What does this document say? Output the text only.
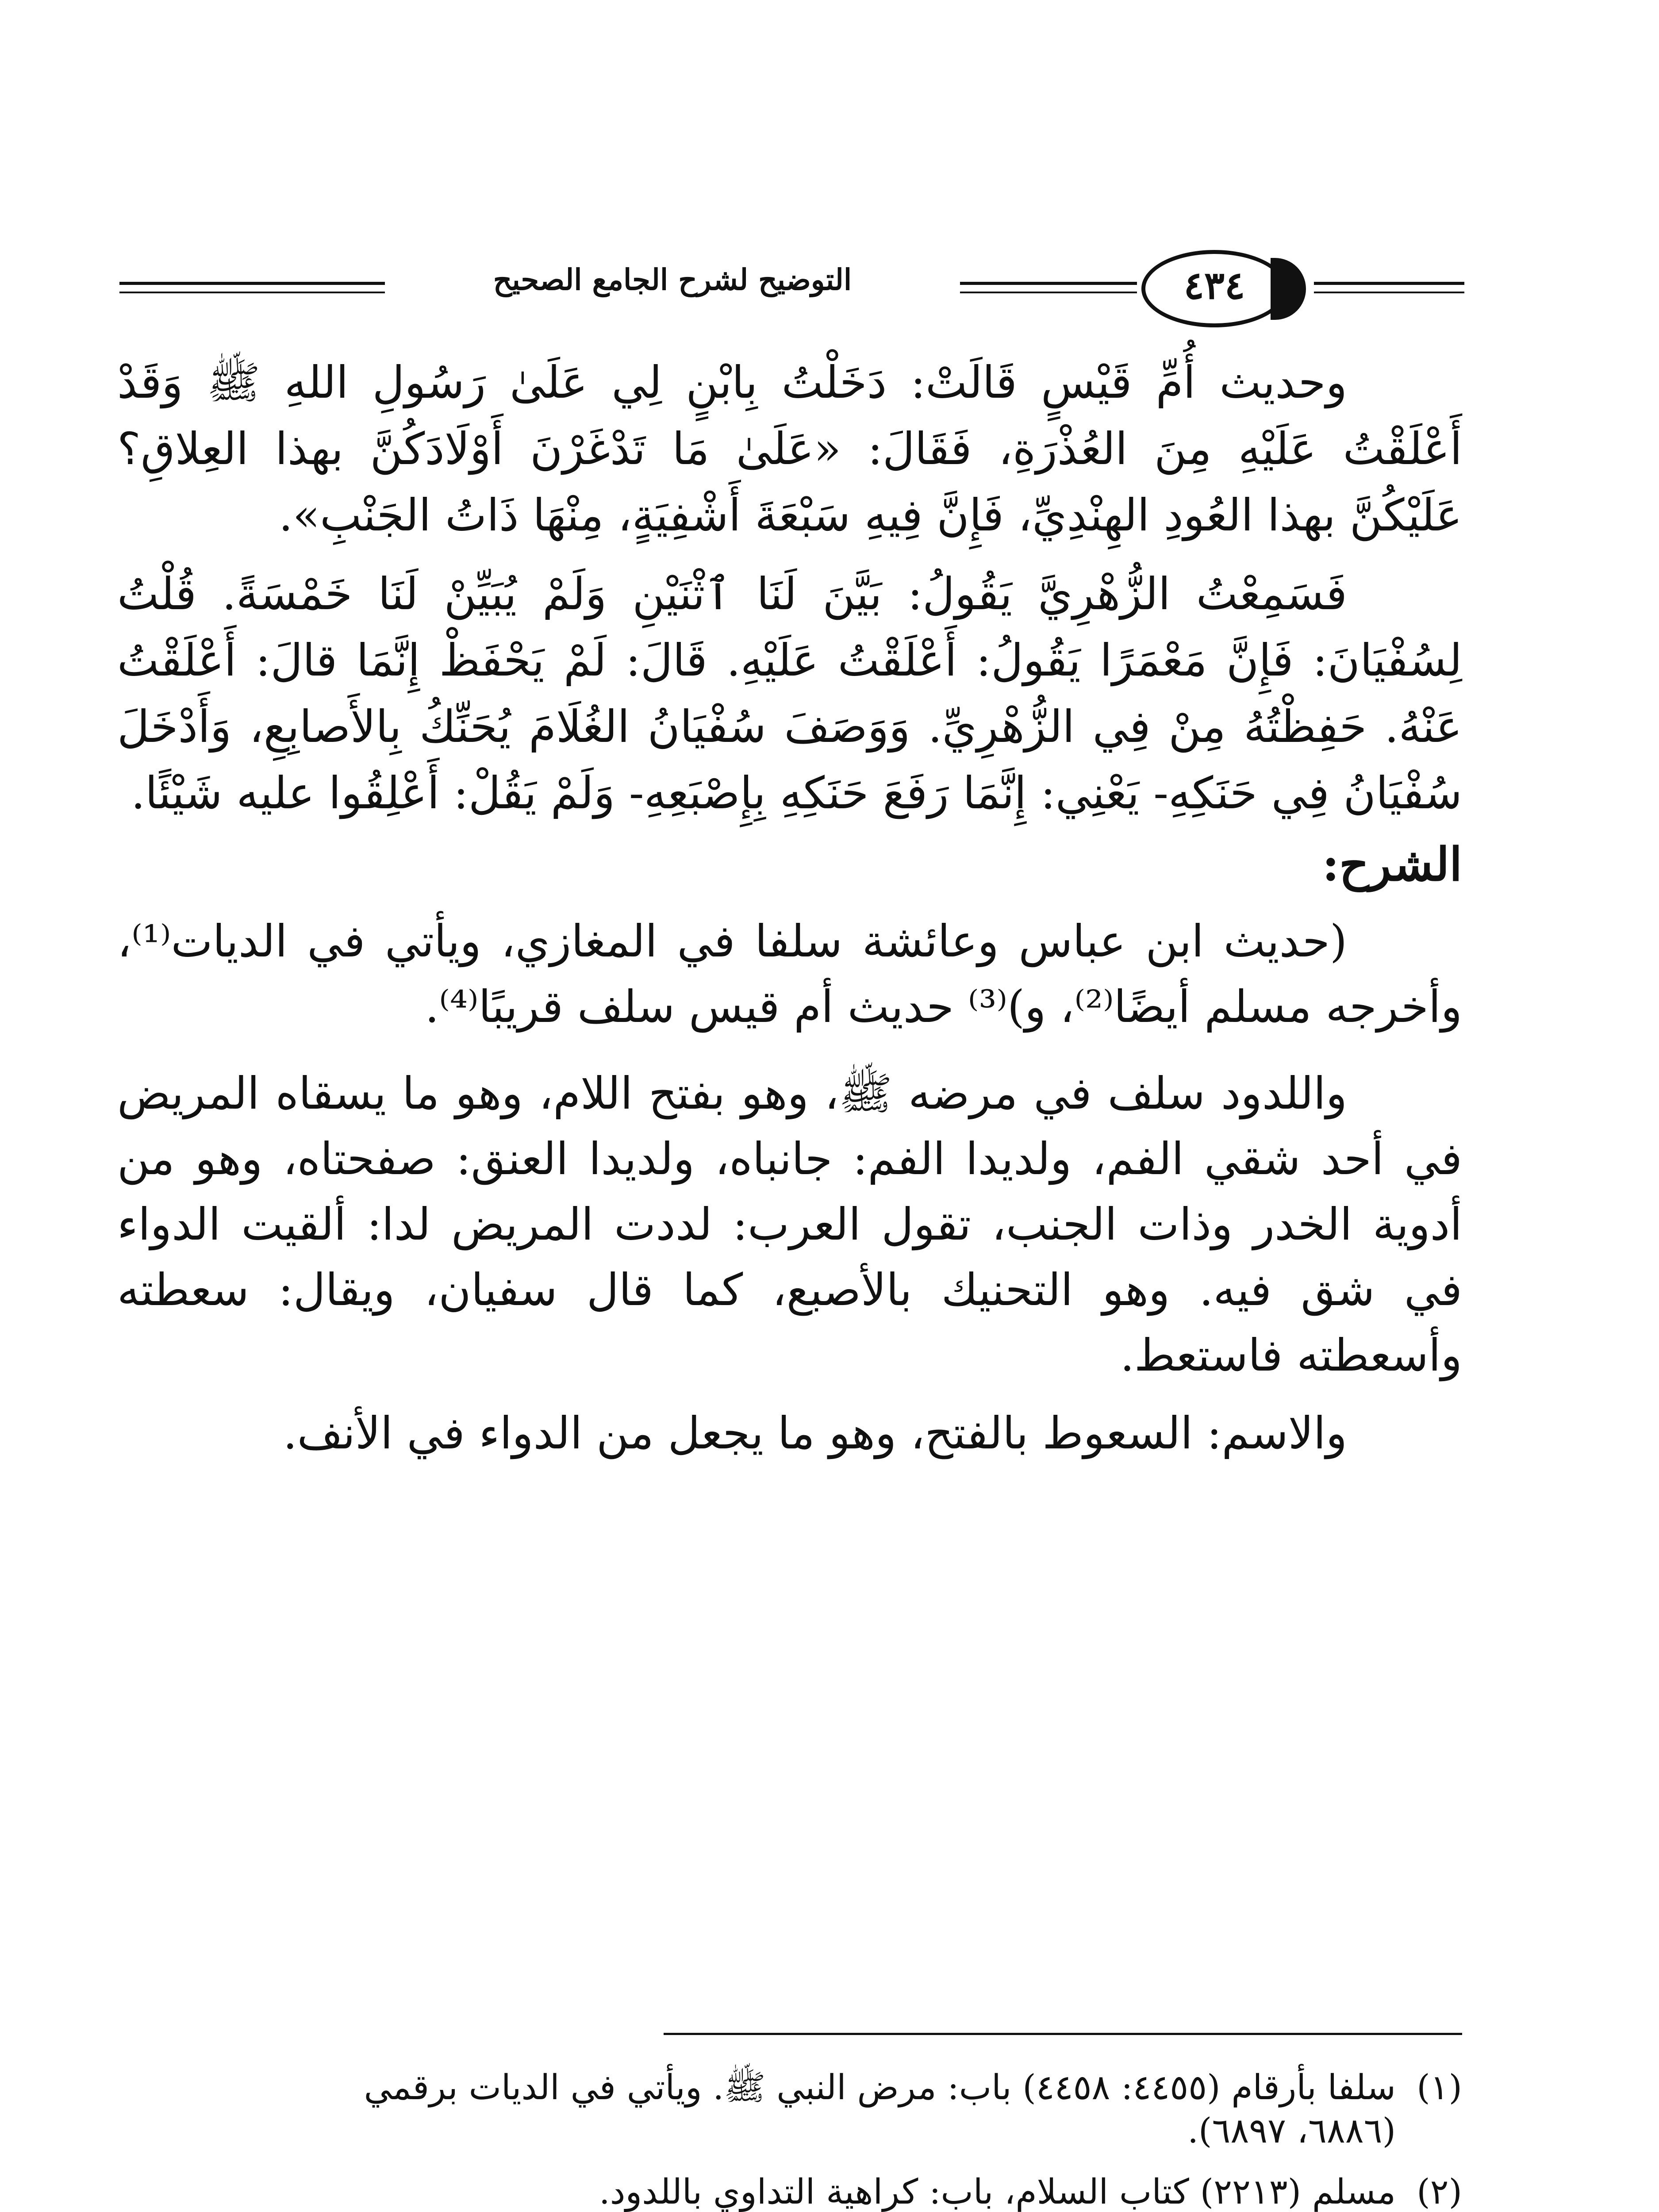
التوضيح لشرح الجامع الصحيح	٤٣٤

وحديث أُمِّ قَيْسٍ قَالَتْ: دَخَلْتُ بِابْنٍ لِي عَلَىٰ رَسُولِ اللهِ ﷺ وَقَدْ أَعْلَقْتُ عَلَيْهِ مِنَ العُذْرَةِ، فَقَالَ: «عَلَىٰ مَا تَدْغَرْنَ أَوْلَادَكُنَّ بهذا العِلاقِ؟ عَلَيْكُنَّ بهذا العُودِ الهِنْدِيِّ، فَإِنَّ فِيهِ سَبْعَةَ أَشْفِيَةٍ، مِنْهَا ذَاتُ الجَنْبِ».

فَسَمِعْتُ الزُّهْرِيَّ يَقُولُ: بَيَّنَ لَنَا ٱثْنَيْنِ وَلَمْ يُبَيِّنْ لَنَا خَمْسَةً. قُلْتُ لِسُفْيَانَ: فَإِنَّ مَعْمَرًا يَقُولُ: أَعْلَقْتُ عَلَيْهِ. قَالَ: لَمْ يَحْفَظْ إِنَّمَا قالَ: أَعْلَقْتُ عَنْهُ. حَفِظْتُهُ مِنْ فِي الزُّهْرِيِّ. وَوَصَفَ سُفْيَانُ الغُلَامَ يُحَنِّكُ بِالأَصابِعِ، وَأَدْخَلَ سُفْيَانُ فِي حَنَكِهِ- يَعْنِي: إِنَّمَا رَفَعَ حَنَكِهِ بِإِصْبَعِهِ- وَلَمْ يَقُلْ: أَعْلِقُوا عليه شَيْئًا.

الشرح:

(حديث ابن عباس وعائشة سلفا في المغازي، ويأتي في الديات⁽¹⁾، وأخرجه مسلم أيضًا⁽²⁾، و)⁽³⁾ حديث أم قيس سلف قريبًا⁽⁴⁾.

واللدود سلف في مرضه ﷺ، وهو بفتح اللام، وهو ما يسقاه المريض في أحد شقي الفم، ولديدا الفم: جانباه، ولديدا العنق: صفحتاه، وهو من أدوية الخدر وذات الجنب، تقول العرب: لددت المريض لدا: ألقيت الدواء في شق فيه. وهو التحنيك بالأصبع، كما قال سفيان، ويقال: سعطته وأسعطته فاستعط.

والاسم: السعوط بالفتح، وهو ما يجعل من الدواء في الأنف.

(١)سلفا بأرقام (٤٤٥٥: ٤٤٥٨) باب: مرض النبي ﷺ. ويأتي في الديات برقمي
(٦٨٨٦، ٦٨٩٧).
(٢)مسلم (٢٢١٣) كتاب السلام، باب: كراهية التداوي باللدود.
